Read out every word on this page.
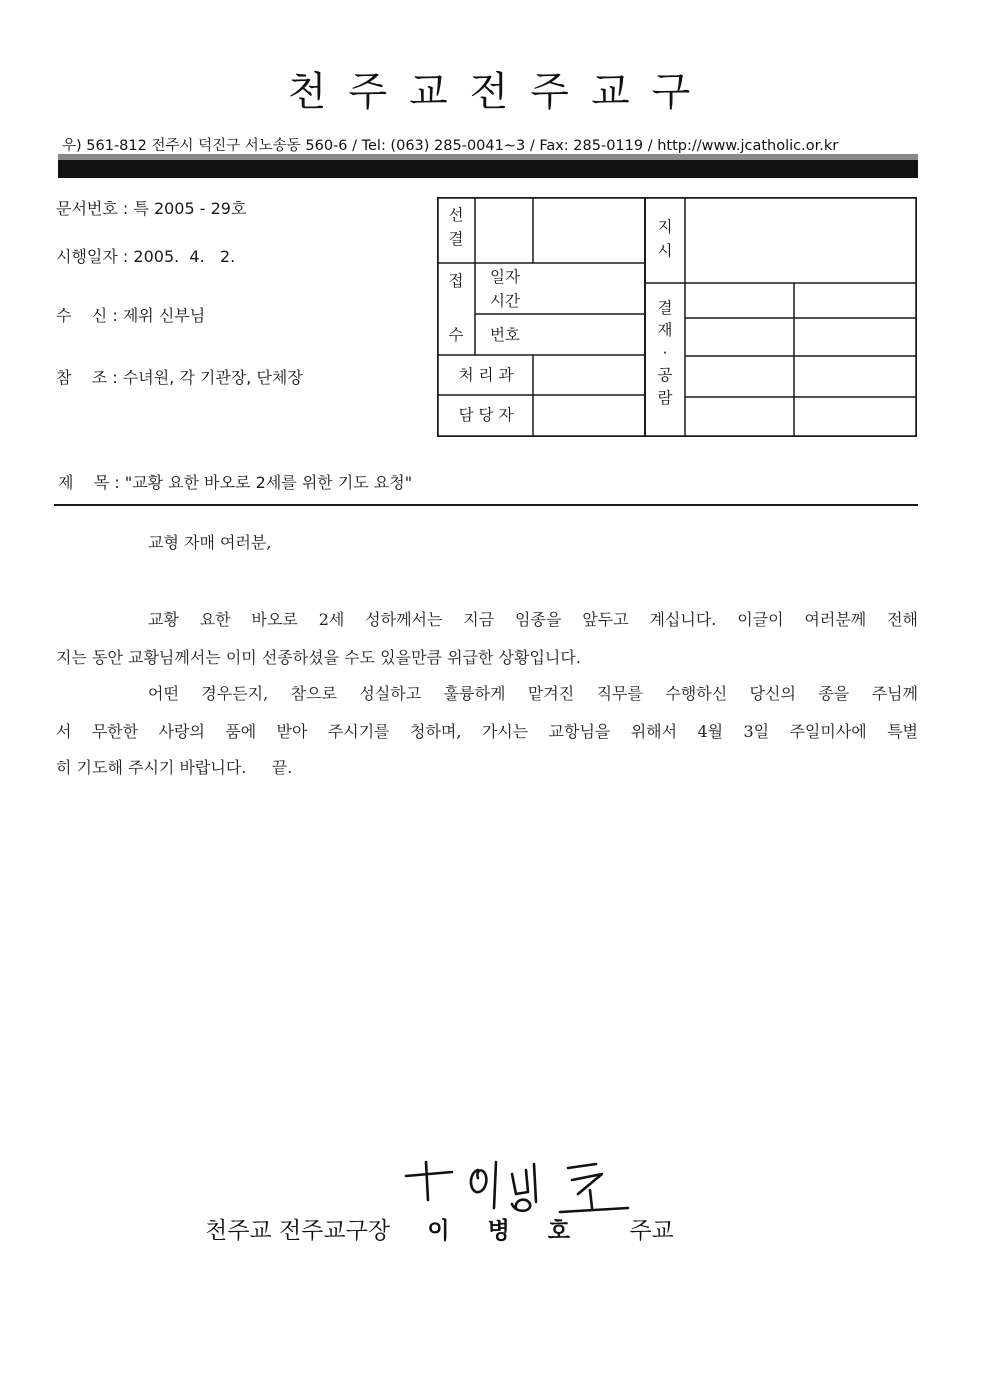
천주교전주교구
우) 561-812 전주시 덕진구 서노송동 560-6 / Tel: (063) 285-0041∼3 / Fax: 285-0119 / http://www.jcatholic.or.kr
문서번호 : 특 2005 - 29호
시행일자 : 2005.  4.   2.
수    신 : 제위 신부님
참    조 : 수녀원, 각 기관장, 단체장
선
결
접
수
일자
시간
번호
처 리 과
담 당 자
지
시
결
재
·
공
람
제    목 : "교황 요한 바오로 2세를 위한 기도 요청"
교형 자매 여러분,
교황 요한 바오로 2세 성하께서는 지금 임종을 앞두고 계십니다. 이글이 여러분께 전해
지는 동안 교황님께서는 이미 선종하셨을 수도 있을만큼 위급한 상황입니다.
어떤 경우든지, 참으로 성실하고 훌륭하게 맡겨진 직무를 수행하신 당신의 종을 주님께
서 무한한 사랑의 품에 받아 주시기를 청하며, 가시는 교항님을 위해서 4월 3일 주일미사에 특별
히 기도해 주시기 바랍니다.     끝.
천주교 전주교구장 이병호 주교
